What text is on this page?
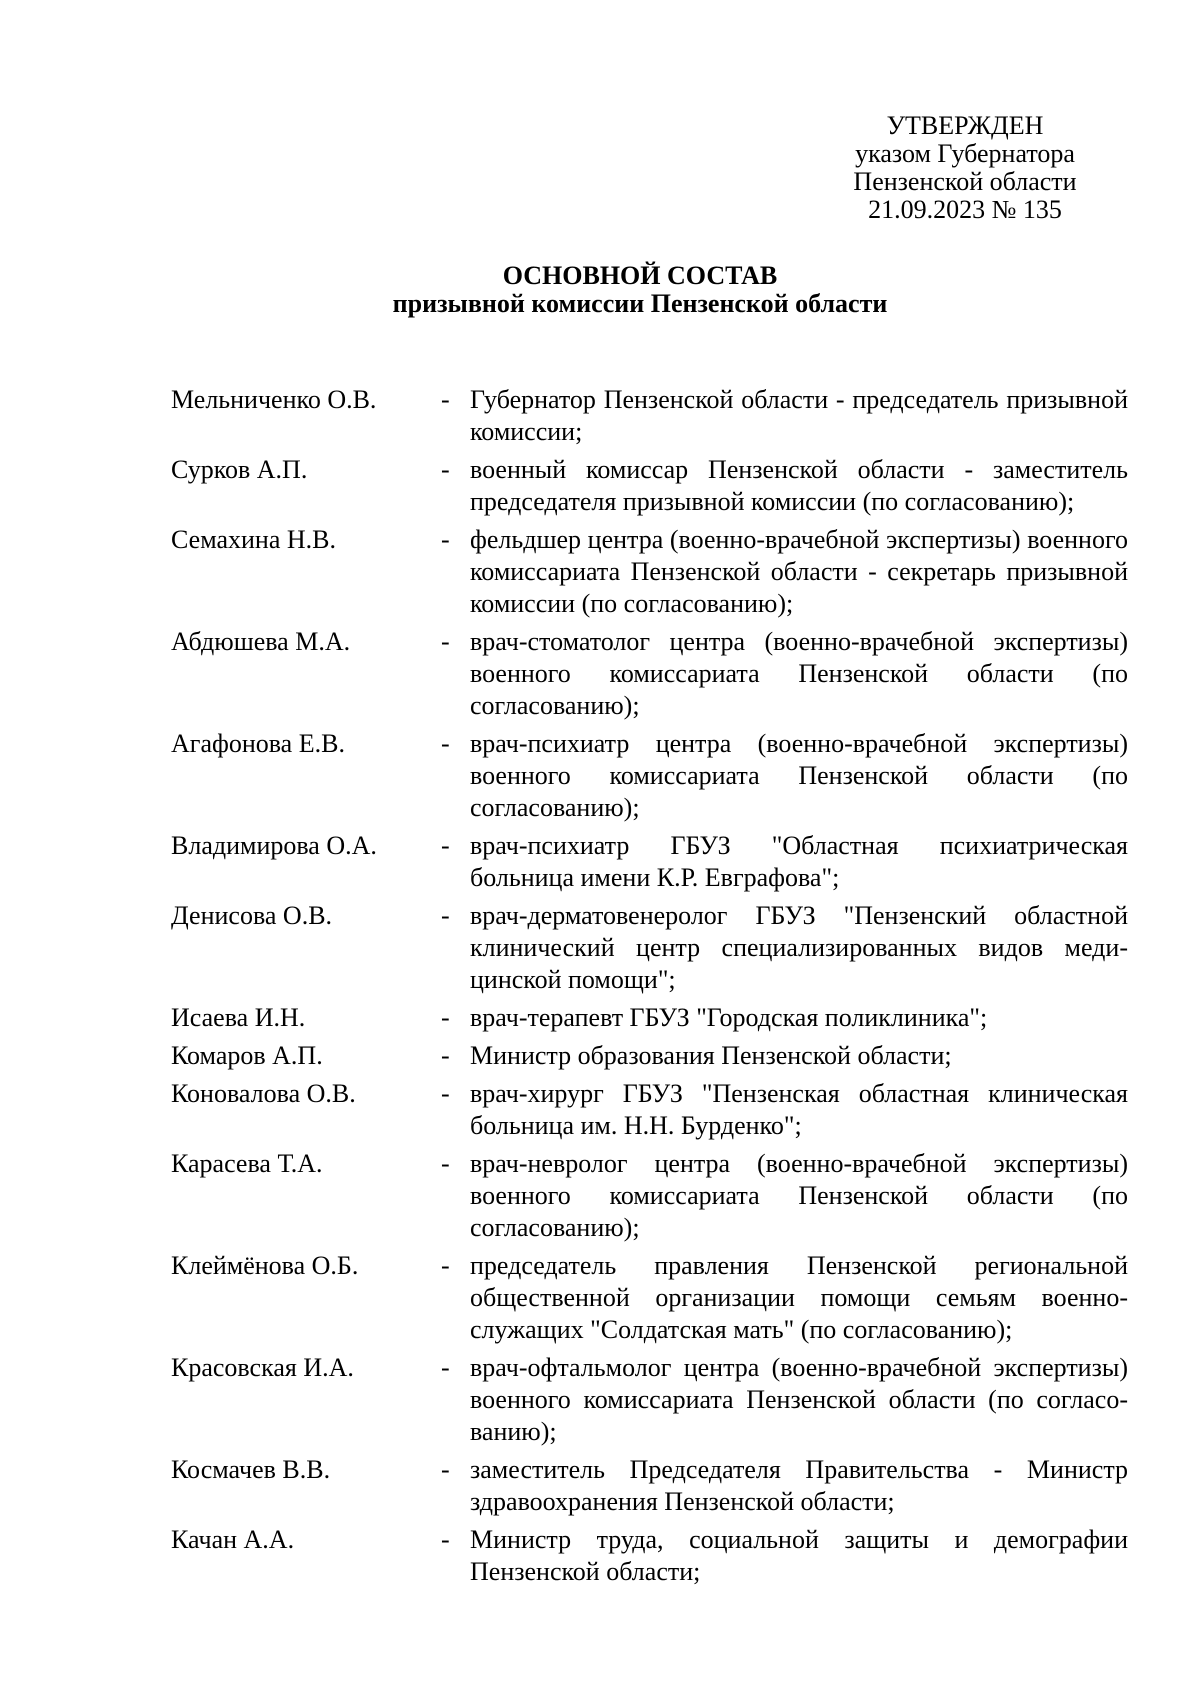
УТВЕРЖДЕН
указом Губернатора
Пензенской области
21.09.2023 № 135
ОСНОВНОЙ СОСТАВ
призывной комиссии Пензенской области
Мельниченко О.В.	- Губернатор Пензенской области - председатель призывной комиссии;
Сурков А.П.	- военный комиссар Пензенской области - заместитель председателя призывной комиссии (по согласованию);
Семахина Н.В.	- фельдшер центра (военно-врачебной экспертизы) военного комиссариата Пензенской области - секретарь призывной комиссии (по согласованию);
Абдюшева М.А.	- врач-стоматолог центра (военно-врачебной экспертизы) военного комиссариата Пензенской области (по согласованию);
Агафонова Е.В.	- врач-психиатр центра (военно-врачебной экспертизы) военного комиссариата Пензенской области (по согласованию);
Владимирова О.А.	- врач-психиатр ГБУЗ "Областная психиатрическая больница имени К.Р. Евграфова";
Денисова О.В.	- врач-дерматовенеролог ГБУЗ "Пензенский областной клинический центр специализированных видов медицинской помощи";
Исаева И.Н.	- врач-терапевт ГБУЗ "Городская поликлиника";
Комаров А.П.	- Министр образования Пензенской области;
Коновалова О.В.	- врач-хирург ГБУЗ "Пензенская областная клиническая больница им. Н.Н. Бурденко";
Карасева Т.А.	- врач-невролог центра (военно-врачебной экспертизы) военного комиссариата Пензенской области (по согласованию);
Клеймёнова О.Б.	- председатель правления Пензенской региональной общественной организации помощи семьям военнослужащих "Солдатская мать" (по согласованию);
Красовская И.А.	- врач-офтальмолог центра (военно-врачебной экспертизы) военного комиссариата Пензенской области (по согласованию);
Космачев В.В.	- заместитель Председателя Правительства - Министр здравоохранения Пензенской области;
Качан А.А.	- Министр труда, социальной защиты и демографии Пензенской области;
